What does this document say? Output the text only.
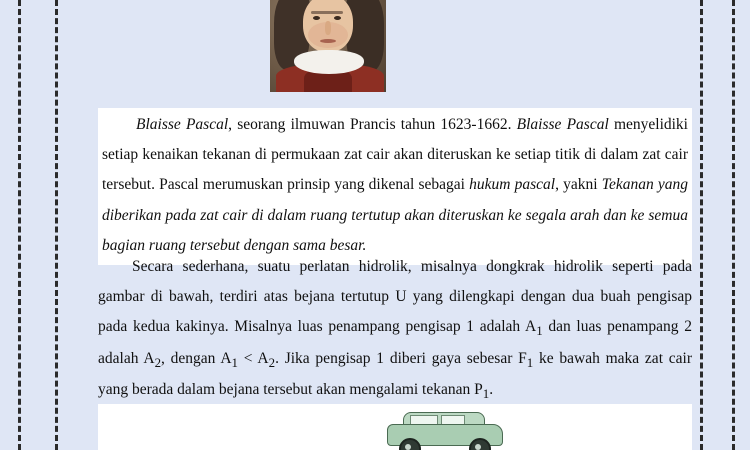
Blaisse Pascal, seorang ilmuwan Prancis tahun 1623-1662. Blaisse Pascal menyelidiki setiap kenaikan tekanan di permukaan zat cair akan diteruskan ke setiap titik di dalam zat cair tersebut. Pascal merumuskan prinsip yang dikenal sebagai hukum pascal, yakni Tekanan yang diberikan pada zat cair di dalam ruang tertutup akan diteruskan ke segala arah dan ke semua bagian ruang tersebut dengan sama besar.

Secara sederhana, suatu perlatan hidrolik, misalnya dongkrak hidrolik seperti pada gambar di bawah, terdiri atas bejana tertutup U yang dilengkapi dengan dua buah pengisap pada kedua kakinya. Misalnya luas penampang pengisap 1 adalah $A_1$ dan luas penampang 2 adalah $A_2$, dengan $A_1 < A_2$. Jika pengisap 1 diberi gaya sebesar $F_1$ ke bawah maka zat cair yang berada dalam bejana tersebut akan mengalami tekanan $P_1$.
